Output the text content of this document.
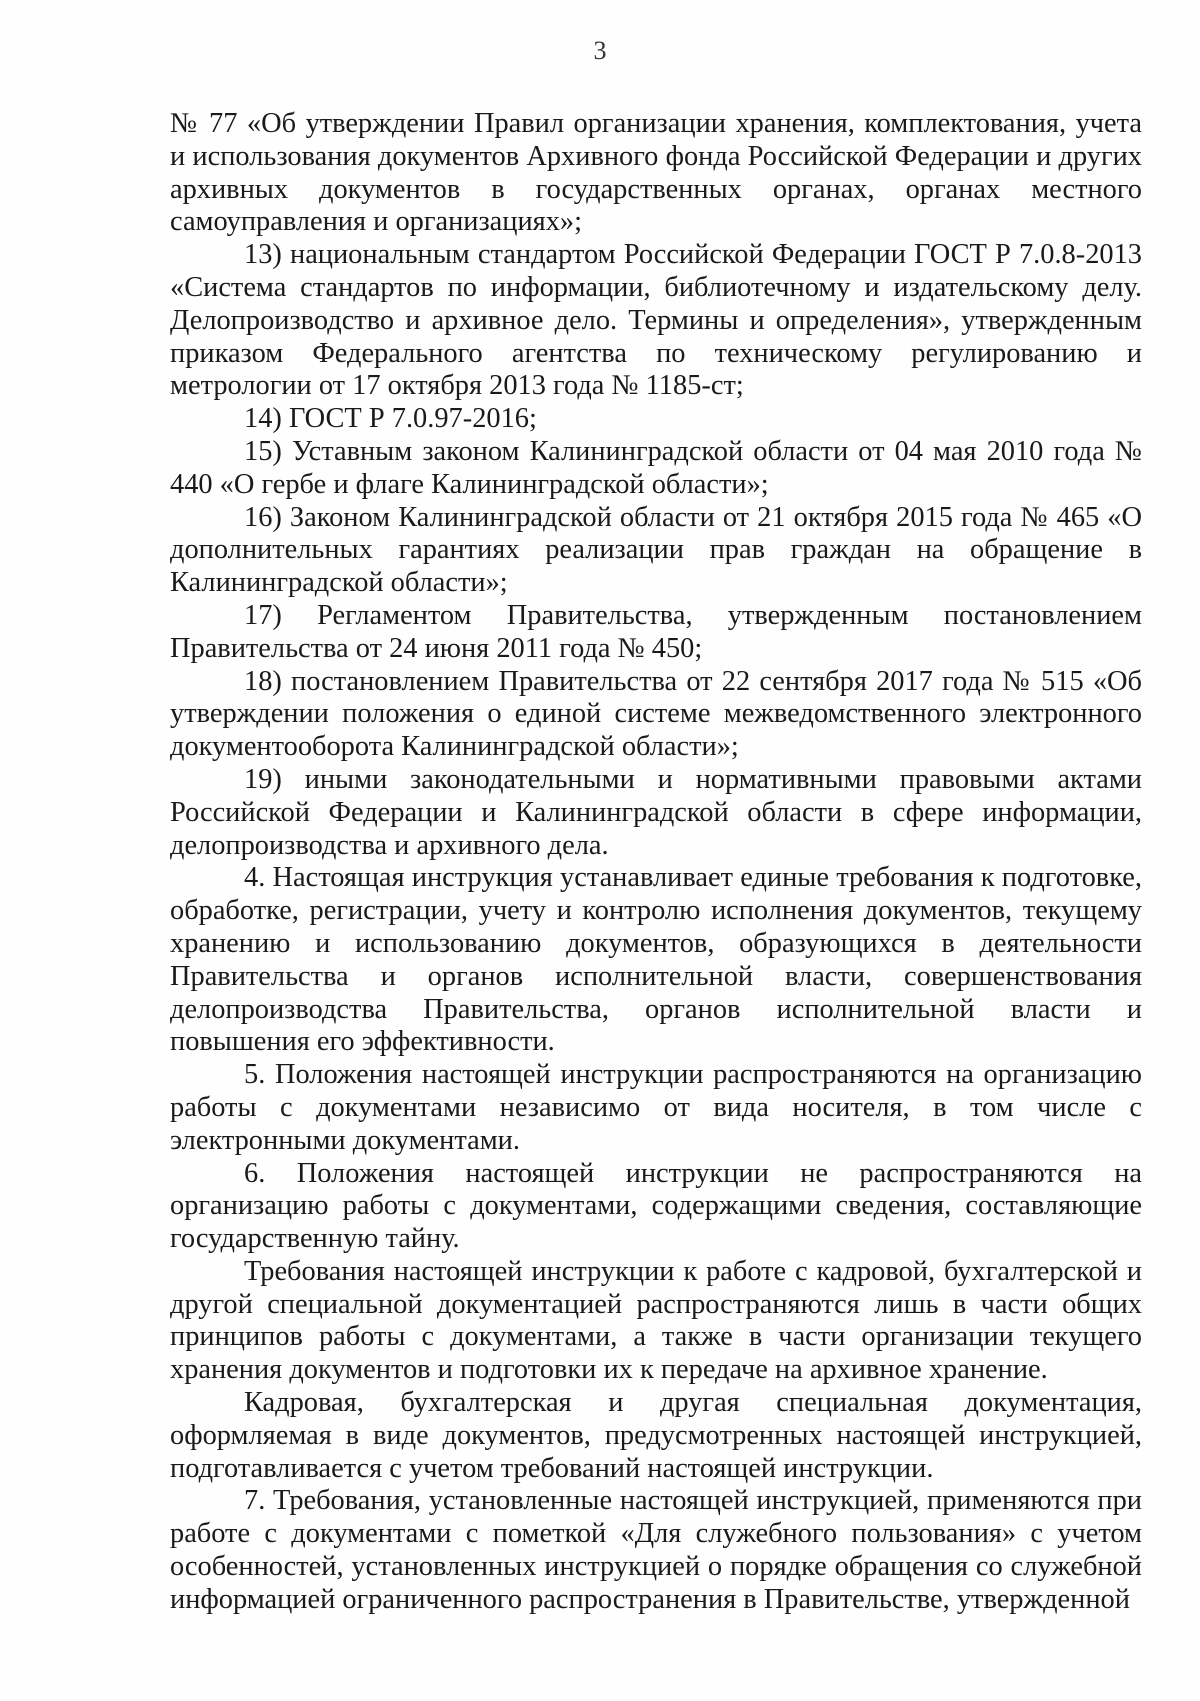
3

№ 77 «Об утверждении Правил организации хранения, комплектования, учета и использования документов Архивного фонда Российской Федерации и других архивных документов в государственных органах, органах местного самоуправления и организациях»;

13) национальным стандартом Российской Федерации ГОСТ Р 7.0.8-2013 «Система стандартов по информации, библиотечному и издательскому делу. Делопроизводство и архивное дело. Термины и определения», утвержденным приказом Федерального агентства по техническому регулированию и метрологии от 17 октября 2013 года № 1185-ст;

14) ГОСТ Р 7.0.97-2016;

15) Уставным законом Калининградской области от 04 мая 2010 года № 440 «О гербе и флаге Калининградской области»;

16) Законом Калининградской области от 21 октября 2015 года № 465 «О дополнительных гарантиях реализации прав граждан на обращение в Калининградской области»;

17) Регламентом Правительства, утвержденным постановлением Правительства от 24 июня 2011 года № 450;

18) постановлением Правительства от 22 сентября 2017 года № 515 «Об утверждении положения о единой системе межведомственного электронного документооборота Калининградской области»;

19) иными законодательными и нормативными правовыми актами Российской Федерации и Калининградской области в сфере информации, делопроизводства и архивного дела.

4. Настоящая инструкция устанавливает единые требования к подготовке, обработке, регистрации, учету и контролю исполнения документов, текущему хранению и использованию документов, образующихся в деятельности Правительства и органов исполнительной власти, совершенствования делопроизводства Правительства, органов исполнительной власти и повышения его эффективности.

5. Положения настоящей инструкции распространяются на организацию работы с документами независимо от вида носителя, в том числе с электронными документами.

6. Положения настоящей инструкции не распространяются на организацию работы с документами, содержащими сведения, составляющие государственную тайну.

Требования настоящей инструкции к работе с кадровой, бухгалтерской и другой специальной документацией распространяются лишь в части общих принципов работы с документами, а также в части организации текущего хранения документов и подготовки их к передаче на архивное хранение.

Кадровая, бухгалтерская и другая специальная документация, оформляемая в виде документов, предусмотренных настоящей инструкцией, подготавливается с учетом требований настоящей инструкции.

7. Требования, установленные настоящей инструкцией, применяются при работе с документами с пометкой «Для служебного пользования» с учетом особенностей, установленных инструкцией о порядке обращения со служебной информацией ограниченного распространения в Правительстве, утвержденной
